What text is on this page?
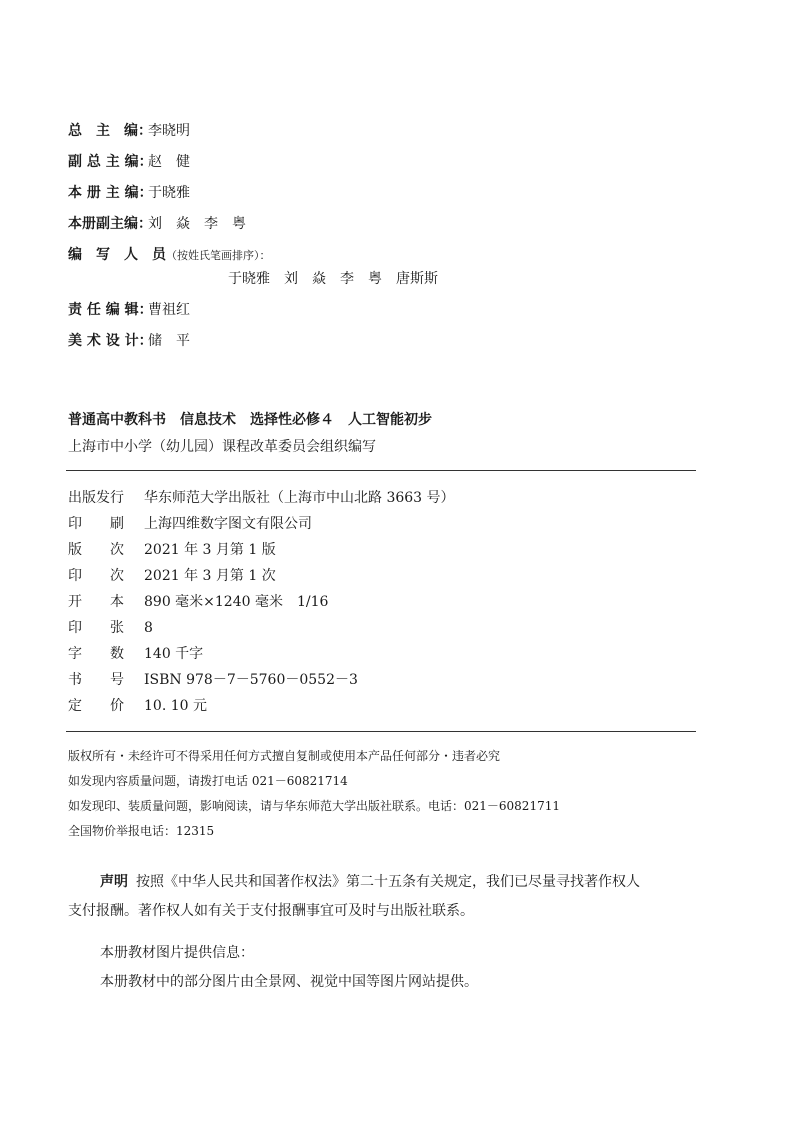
总　主　编：
李晓明
副 总 主 编：
赵　健
本 册 主 编：
于晓雅
本册副主编：
刘　焱　李　粤
编　写　人　员 （按姓氏笔画排序）：
于晓雅　刘　焱　李　粤　唐斯斯
责 任 编 辑：
曹祖红
美 术 设 计：
储　平
普通高中教科书　信息技术　选择性必修４　人工智能初步
上海市中小学（幼儿园）课程改革委员会组织编写
出版发行	华东师范大学出版社（上海市中山北路 3663 号）
印　　刷	上海四维数字图文有限公司
版　　次	2021 年 3 月第 1 版
印　　次	2021 年 3 月第 1 次
开　　本	890 毫米×1240 毫米　1/16
印　　张	8
字　　数	140 千字
书　　号	ISBN 978－7－5760－0552－3
定　　价	10. 10 元
版权所有・未经许可不得采用任何方式擅自复制或使用本产品任何部分・违者必究
如发现内容质量问题，请拨打电话 021－60821714
如发现印、装质量问题，影响阅读，请与华东师范大学出版社联系。电话：021－60821711
全国物价举报电话：12315
声明 按照《中华人民共和国著作权法》第二十五条有关规定，我们已尽量寻找著作权人
支付报酬。著作权人如有关于支付报酬事宜可及时与出版社联系。
本册教材图片提供信息：
本册教材中的部分图片由全景网、视觉中国等图片网站提供。
